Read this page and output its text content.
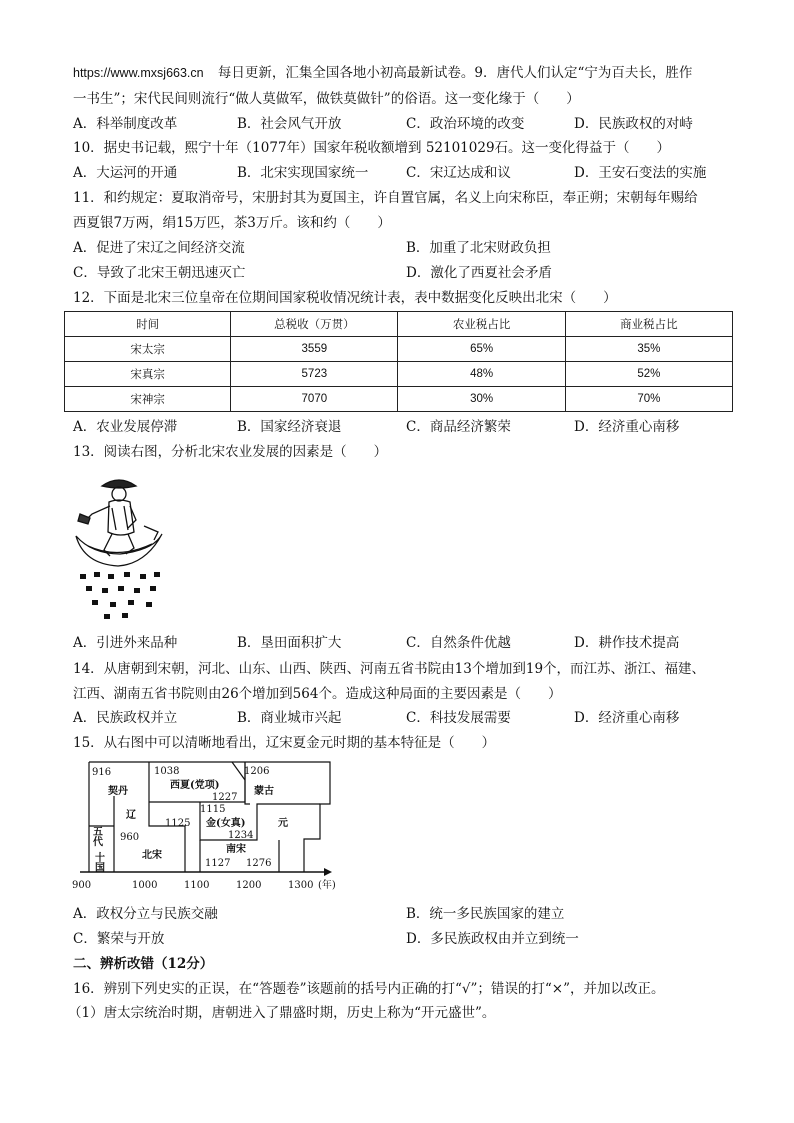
https://www.mxsj663.cn 每日更新，汇集全国各地小初高最新试卷。9．唐代人们认定“宁为百夫长，胜作
一书生”；宋代民间则流行“做人莫做军，做铁莫做针”的俗语。这一变化缘于（　　）
A．科举制度改革	B．社会风气开放	C．政治环境的改变	D．民族政权的对峙
10．据史书记载，熙宁十年（1077年）国家年税收额增到 52101029石。这一变化得益于（　　）
A．大运河的开通	B．北宋实现国家统一	C．宋辽达成和议	D．王安石变法的实施
11．和约规定：夏取消帝号，宋册封其为夏国主，许自置官属，名义上向宋称臣，奉正朔；宋朝每年赐给
西夏银7万两，绢15万匹，茶3万斤。该和约（　　）
A．促进了宋辽之间经济交流	B．加重了北宋财政负担
C．导致了北宋王朝迅速灭亡	D．激化了西夏社会矛盾
12．下面是北宋三位皇帝在位期间国家税收情况统计表，表中数据变化反映出北宋（　　）
时间	总税收（万贯）	农业税占比	商业税占比
宋太宗	3559	65%	35%
宋真宗	5723	48%	52%
宋神宗	7070	30%	70%
A．农业发展停滞	B．国家经济衰退	C．商品经济繁荣	D．经济重心南移
13．阅读右图，分析北宋农业发展的因素是（　　）
A．引进外来品种	B．垦田面积扩大	C．自然条件优越	D．耕作技术提高
14．从唐朝到宋朝，河北、山东、山西、陕西、河南五省书院由13个增加到19个，而江苏、浙江、福建、
江西、湖南五省书院则由26个增加到564个。造成这种局面的主要因素是（　　）
A．民族政权并立	B．商业城市兴起	C．科技发展需要	D．经济重心南移
15．从右图中可以清晰地看出，辽宋夏金元时期的基本特征是（　　）
916
契丹
辽
五代
十国
1038
西夏(党项)
1227
1206
蒙古
1115
金(女真)
1125
1234
元
960
北宋
南宋
1127 1276
900	1000	1100	1200	1300 (年)
A．政权分立与民族交融	B．统一多民族国家的建立
C．繁荣与开放	D．多民族政权由并立到统一
二、辨析改错（12分）
16．辨别下列史实的正误，在“答题卷”该题前的括号内正确的打“√”；错误的打“×”，并加以改正。
（1）唐太宗统治时期，唐朝进入了鼎盛时期，历史上称为“开元盛世”。
